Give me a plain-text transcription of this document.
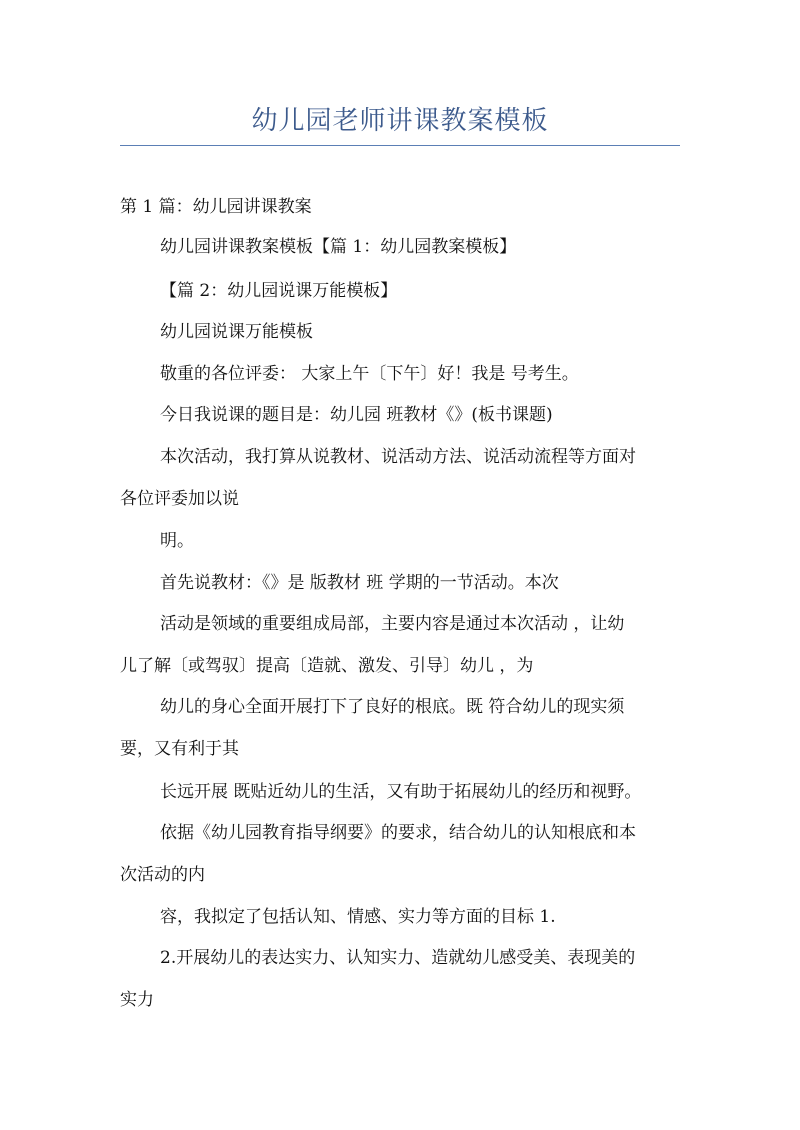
幼儿园老师讲课教案模板
第 1 篇：幼儿园讲课教案
幼儿园讲课教案模板【篇 1：幼儿园教案模板】
【篇 2：幼儿园说课万能模板】
幼儿园说课万能模板
敬重的各位评委： 大家上午〔下午〕好！我是 号考生。
今日我说课的题目是：幼儿园 班教材《》(板书课题)
本次活动，我打算从说教材、说活动方法、说活动流程等方面对
各位评委加以说
明。
首先说教材：《》是 版教材 班 学期的一节活动。本次
活动是领域的重要组成局部，主要内容是通过本次活动 ，让幼
儿了解〔或驾驭〕提高〔造就、激发、引导〕幼儿 ，为
幼儿的身心全面开展打下了良好的根底。既 符合幼儿的现实须
要，又有利于其
长远开展 既贴近幼儿的生活，又有助于拓展幼儿的经历和视野。
依据《幼儿园教育指导纲要》的要求，结合幼儿的认知根底和本
次活动的内
容，我拟定了包括认知、情感、实力等方面的目标 1.
2.开展幼儿的表达实力、认知实力、造就幼儿感受美、表现美的
实力
